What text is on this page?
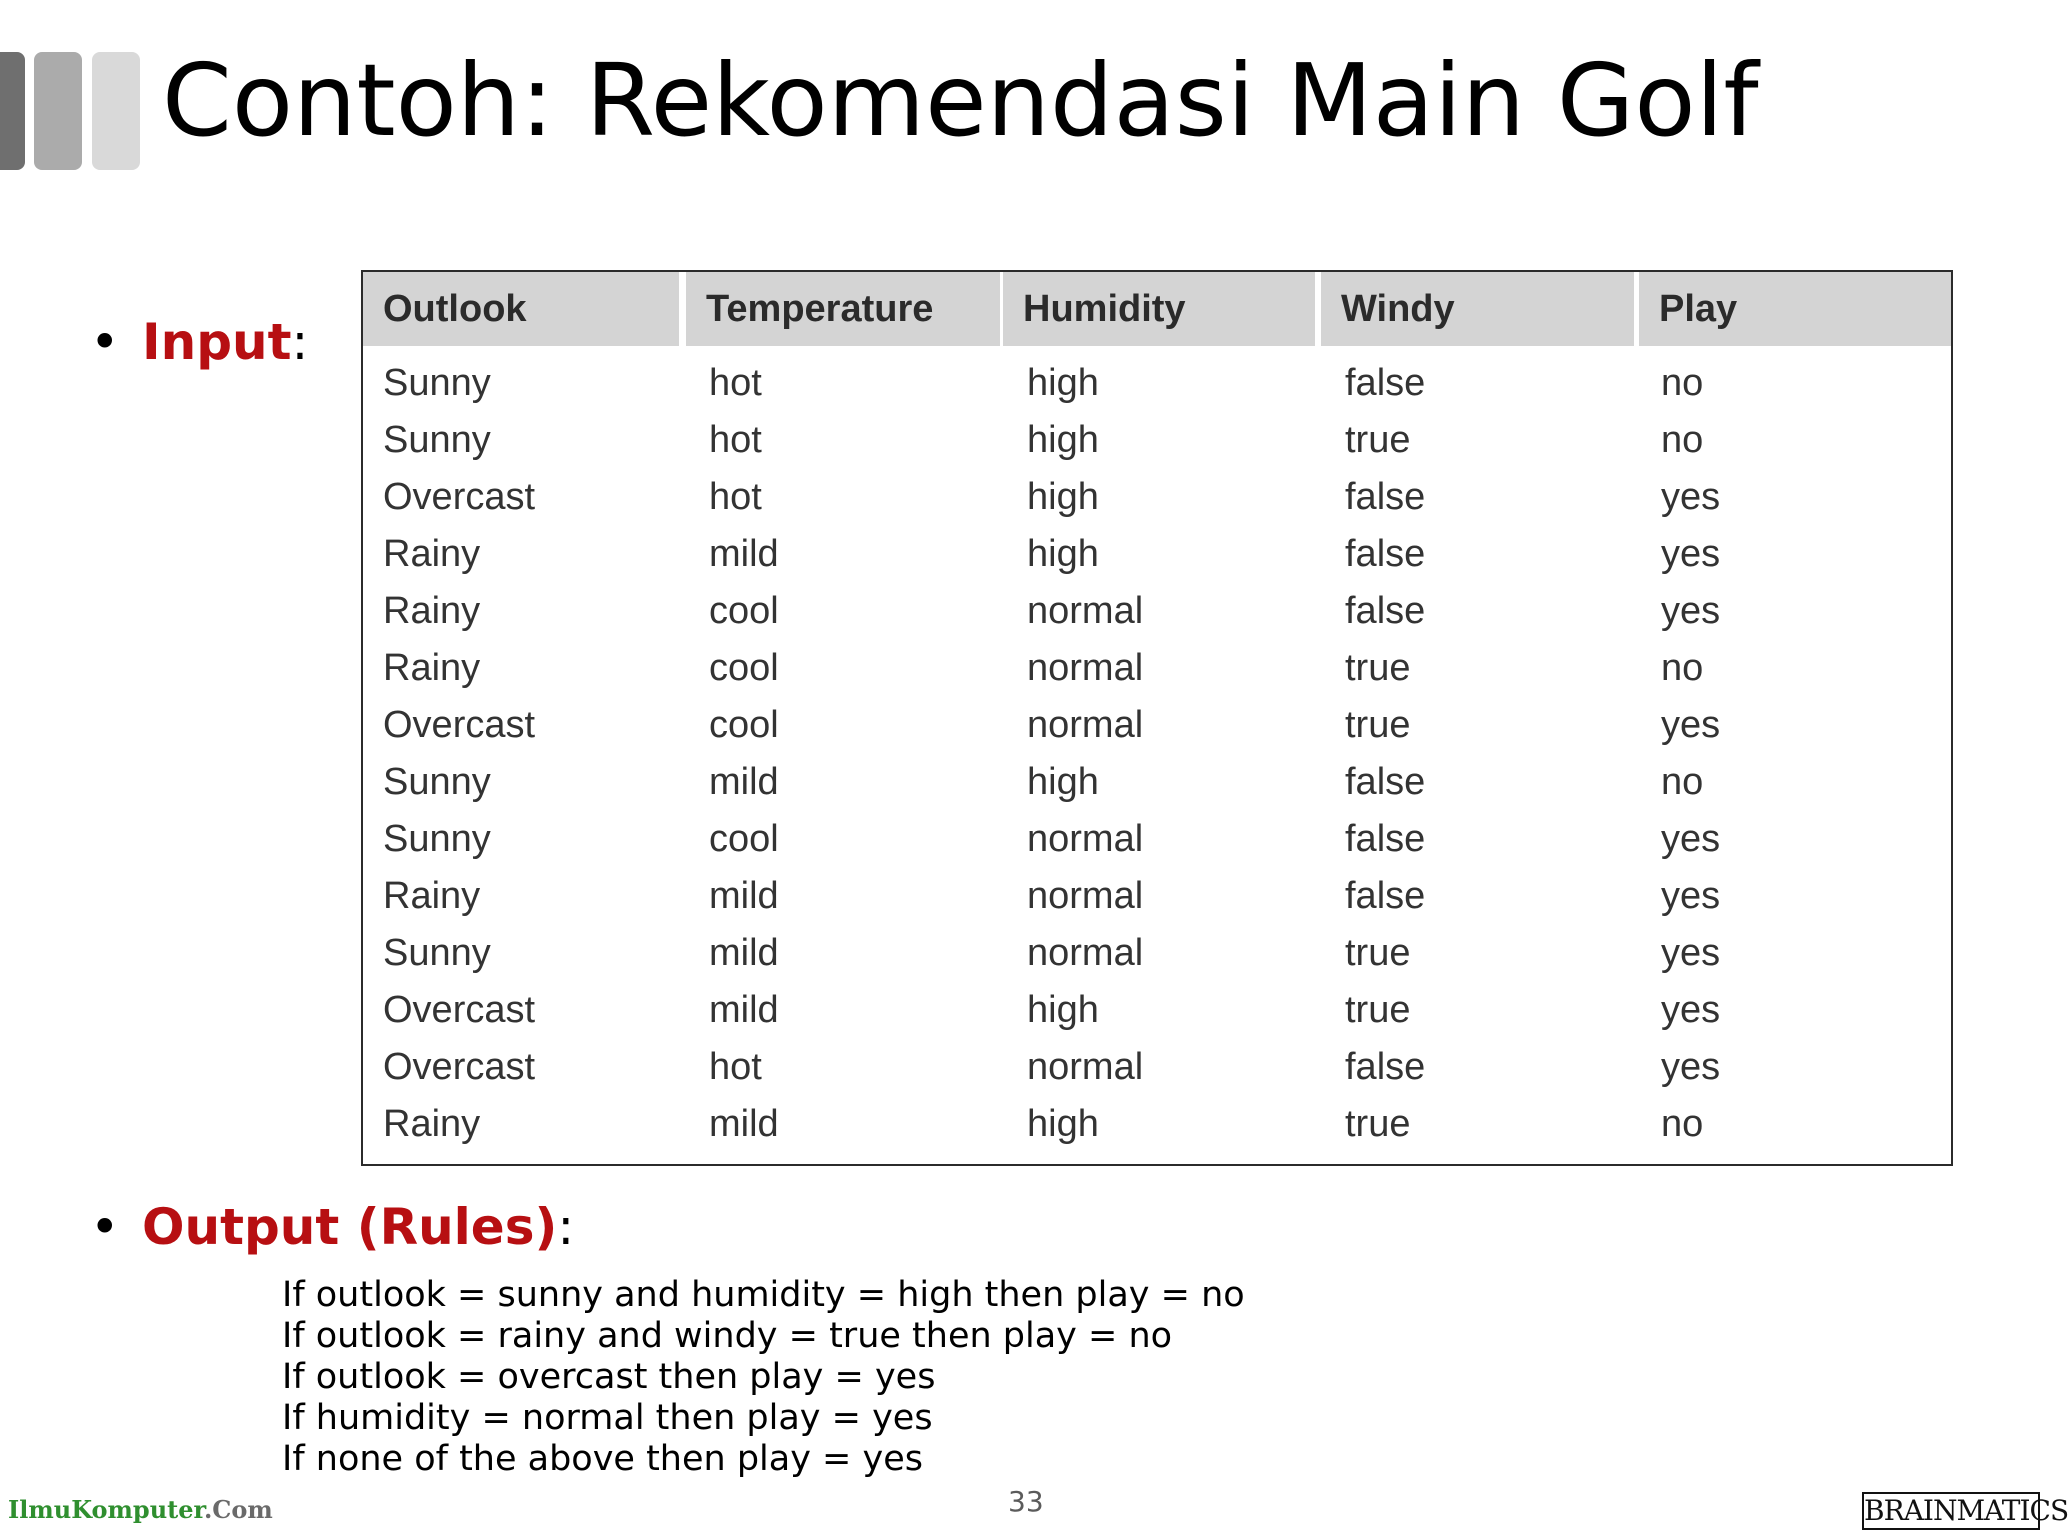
Contoh: Rekomendasi Main Golf
• Input:
Outlook	Temperature	Humidity	Windy	Play
Sunny	hot	high	false	no
Sunny	hot	high	true	no
Overcast	hot	high	false	yes
Rainy	mild	high	false	yes
Rainy	cool	normal	false	yes
Rainy	cool	normal	true	no
Overcast	cool	normal	true	yes
Sunny	mild	high	false	no
Sunny	cool	normal	false	yes
Rainy	mild	normal	false	yes
Sunny	mild	normal	true	yes
Overcast	mild	high	true	yes
Overcast	hot	normal	false	yes
Rainy	mild	high	true	no
• Output (Rules):
If outlook = sunny and humidity = high then play = no
If outlook = rainy and windy = true then play = no
If outlook = overcast then play = yes
If humidity = normal then play = yes
If none of the above then play = yes
IlmuKomputer.Com	33	BRAINMATICS
